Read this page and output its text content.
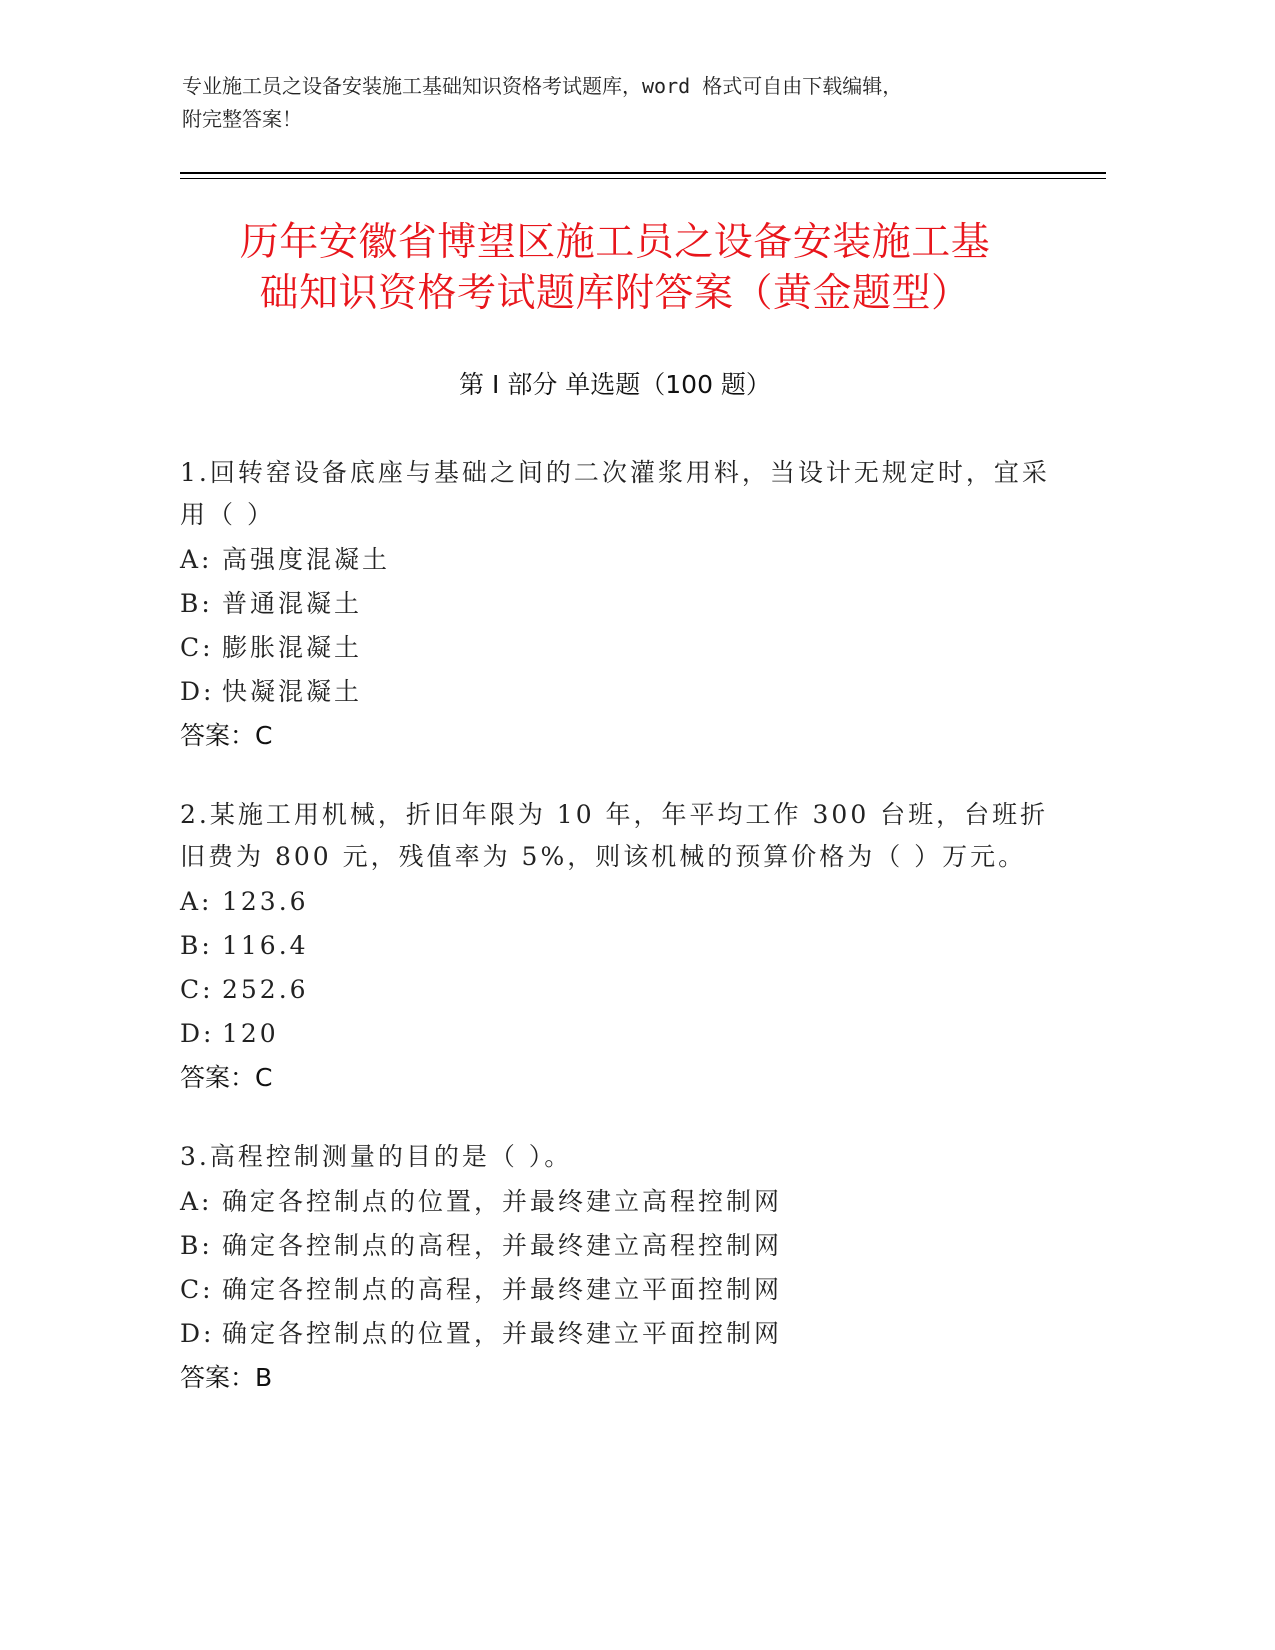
专业施工员之设备安装施工基础知识资格考试题库，word 格式可自由下载编辑，
附完整答案！
历年安徽省博望区施工员之设备安装施工基
础知识资格考试题库附答案（黄金题型）
第 I 部分 单选题（100 题）
1.回转窑设备底座与基础之间的二次灌浆用料，当设计无规定时，宜采用（ ）
A: 高强度混凝土
B: 普通混凝土
C: 膨胀混凝土
D: 快凝混凝土
答案：C
2.某施工用机械，折旧年限为 10 年，年平均工作 300 台班，台班折旧费为 800 元，残值率为 5%，则该机械的预算价格为（ ）万元。
A: 123.6
B: 116.4
C: 252.6
D: 120
答案：C
3.高程控制测量的目的是（ ）。
A: 确定各控制点的位置，并最终建立高程控制网
B: 确定各控制点的高程，并最终建立高程控制网
C: 确定各控制点的高程，并最终建立平面控制网
D: 确定各控制点的位置，并最终建立平面控制网
答案：B
